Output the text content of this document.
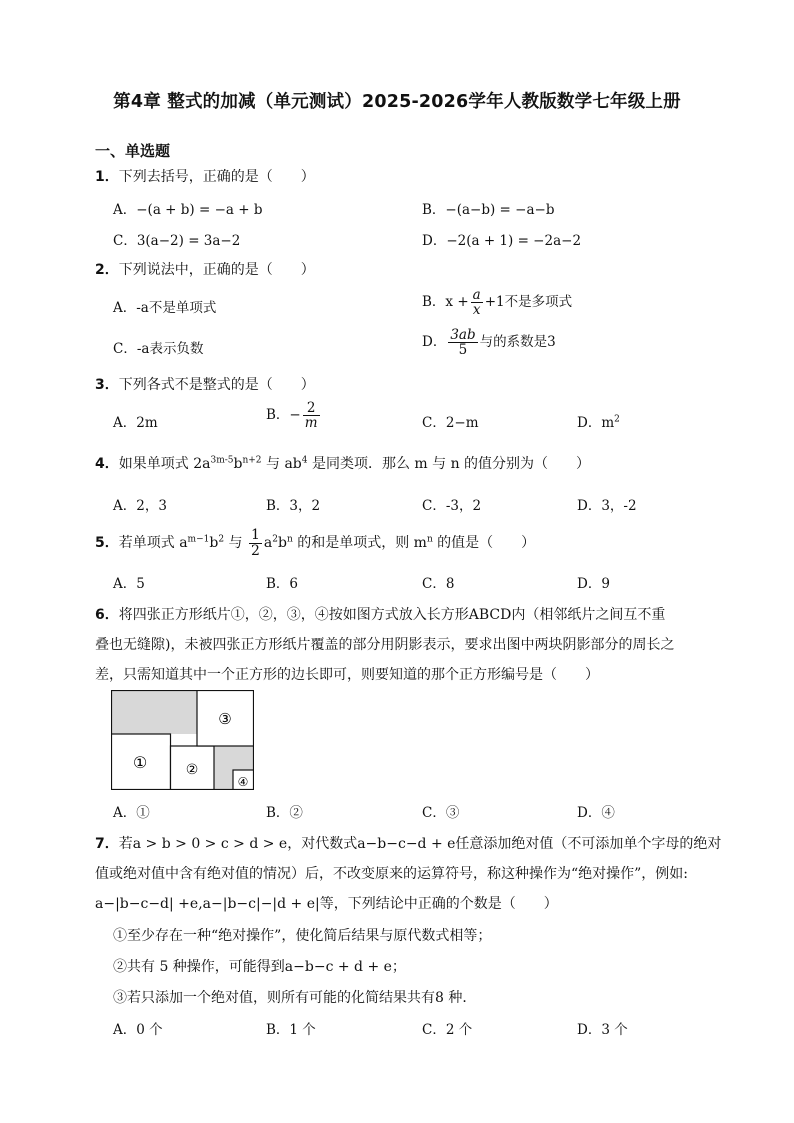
第4章 整式的加减（单元测试）2025-2026学年人教版数学七年级上册
一、单选题
1．下列去括号，正确的是（　　）
A．−(a + b) = −a + b	B．−(a−b) = −a−b
C．3(a−2) = 3a−2	D．−2(a + 1) = −2a−2
2．下列说法中，正确的是（　　）
A．-a不是单项式	B．$x + \frac{a}{x} +1$不是多项式
C．-a表示负数	D． $\frac{3ab}{5}$ 与的系数是3
3．下列各式不是整式的是（　　）
A．2m	B．− $\frac{2}{m}$	C．2−m	D．$m^2$
4．如果单项式 $2a^{3m-5}b^{n+2}$ 与 $ab^4$ 是同类项．那么 m 与 n 的值分别为（　　）
A．2，3	B．3，2	C．-3，2	D．3，-2
5．若单项式 $a^{m-1}b^2$ 与 $\frac{1}{2} a^2b^n$ 的和是单项式，则 $m^n$ 的值是（　　）
A．5	B．6	C．8	D．9
6．将四张正方形纸片①，②，③，④按如图方式放入长方形ABCD内（相邻纸片之间互不重
叠也无缝隙)，未被四张正方形纸片覆盖的部分用阴影表示，要求出图中两块阴影部分的周长之
差，只需知道其中一个正方形的边长即可，则要知道的那个正方形编号是（　　）
①	②
③
④
A．①	B．②	C．③	D．④
7．若a > b > 0 > c > d > e，对代数式a−b−c−d + e任意添加绝对值（不可添加单个字母的绝对
值或绝对值中含有绝对值的情况）后，不改变原来的运算符号，称这种操作为“绝对操作”，例如:
a−|b−c−d| +e,a−|b−c|−|d + e|等，下列结论中正确的个数是（　　）
①至少存在一种“绝对操作”，使化简后结果与原代数式相等；
②共有 5 种操作，可能得到a−b−c + d + e；
③若只添加一个绝对值，则所有可能的化简结果共有8 种．
A．0 个	B．1 个	C．2 个	D．3 个
